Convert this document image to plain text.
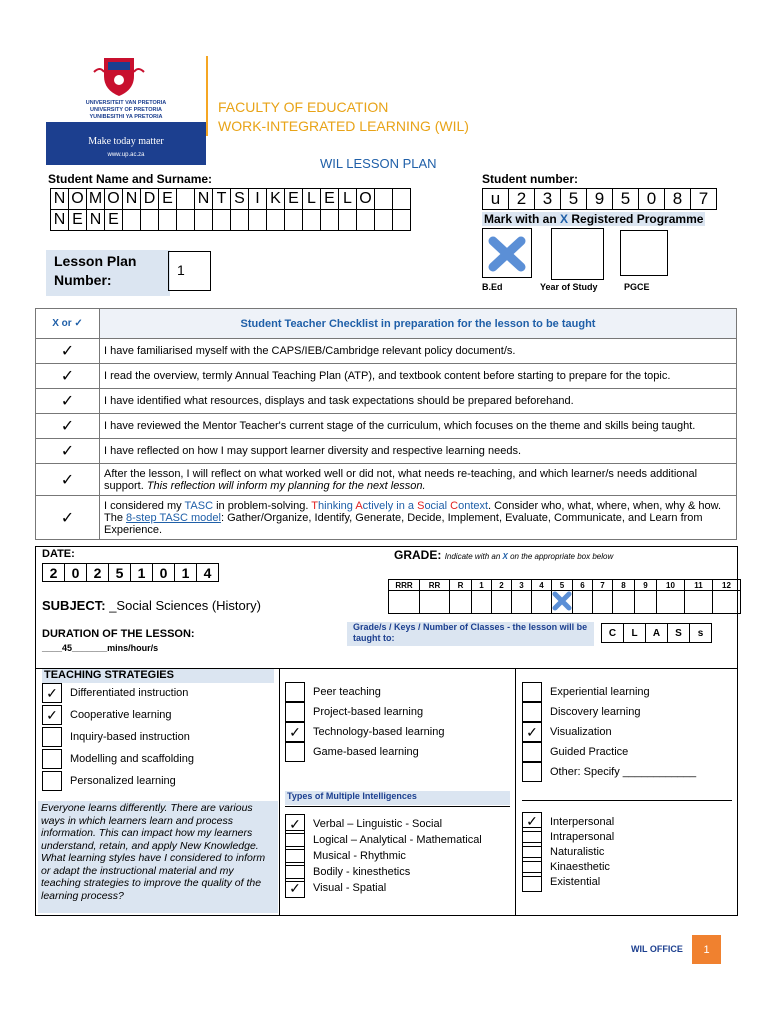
Make today matter
www.up.ac.za
UNIVERSITEIT VAN PRETORIA
UNIVERSITY OF PRETORIA
YUNIBESITHI YA PRETORIA
FACULTY OF EDUCATION
WORK-INTEGRATED LEARNING (WIL)
WIL LESSON PLAN
Student Name and Surname:
N O M O N D E N T S I K E L E L O
N E N E
Student number:
u 2 3 5 9 5 0 8 7
Mark with an X Registered Programme
B.Ed	Year of Study	PGCE
Lesson Plan Number:
1
X or ✓	Student Teacher Checklist in preparation for the lesson to be taught
✓	I have familiarised myself with the CAPS/IEB/Cambridge relevant policy document/s.
✓	I read the overview, termly Annual Teaching Plan (ATP), and textbook content before starting to prepare for the topic.
✓	I have identified what resources, displays and task expectations should be prepared beforehand.
✓	I have reviewed the Mentor Teacher's current stage of the curriculum, which focuses on the theme and skills being taught.
✓	I have reflected on how I may support learner diversity and respective learning needs.
✓	After the lesson, I will reflect on what worked well or did not, what needs re-teaching, and which learner/s needs additional support. This reflection will inform my planning for the next lesson.
✓	I considered my TASC in problem-solving. Thinking Actively in a Social Context. Consider who, what, where, when, why & how. The 8-step TASC model: Gather/Organize, Identify, Generate, Decide, Implement, Evaluate, Communicate, and Learn from Experience.
DATE:
2	0	2	5	1	0	1	4
GRADE: Indicate with an X on the appropriate box below
RRR	RR	R	1	2	3	4	5	6	7	8	9	10	11	12

SUBJECT: _Social Sciences (History)
DURATION OF THE LESSON:
____45_______mins/hour/s
Grade/s / Keys / Number of Classes - the lesson will be taught to:	C	L	A	S	s
TEACHING STRATEGIES
✓	Differentiated instruction
✓	Cooperative learning
Inquiry-based instruction
Modelling and scaffolding
Personalized learning
Peer teaching
Project-based learning
✓	Technology-based learning
Game-based learning
Experiential learning
Discovery learning
✓	Visualization
Guided Practice
Other: Specify ____________
Everyone learns differently. There are various ways in which learners learn and process information. This can impact how my learners understand, retain, and apply New Knowledge. What learning styles have I considered to inform or adapt the instructional material and my teaching strategies to improve the quality of the learning process?
Types of Multiple Intelligences
✓	Verbal – Linguistic - Social
Logical – Analytical - Mathematical
Musical - Rhythmic
Bodily - kinesthetics
✓	Visual - Spatial
✓	Interpersonal
Intrapersonal
Naturalistic
Kinaesthetic
Existential
WIL OFFICE	1
